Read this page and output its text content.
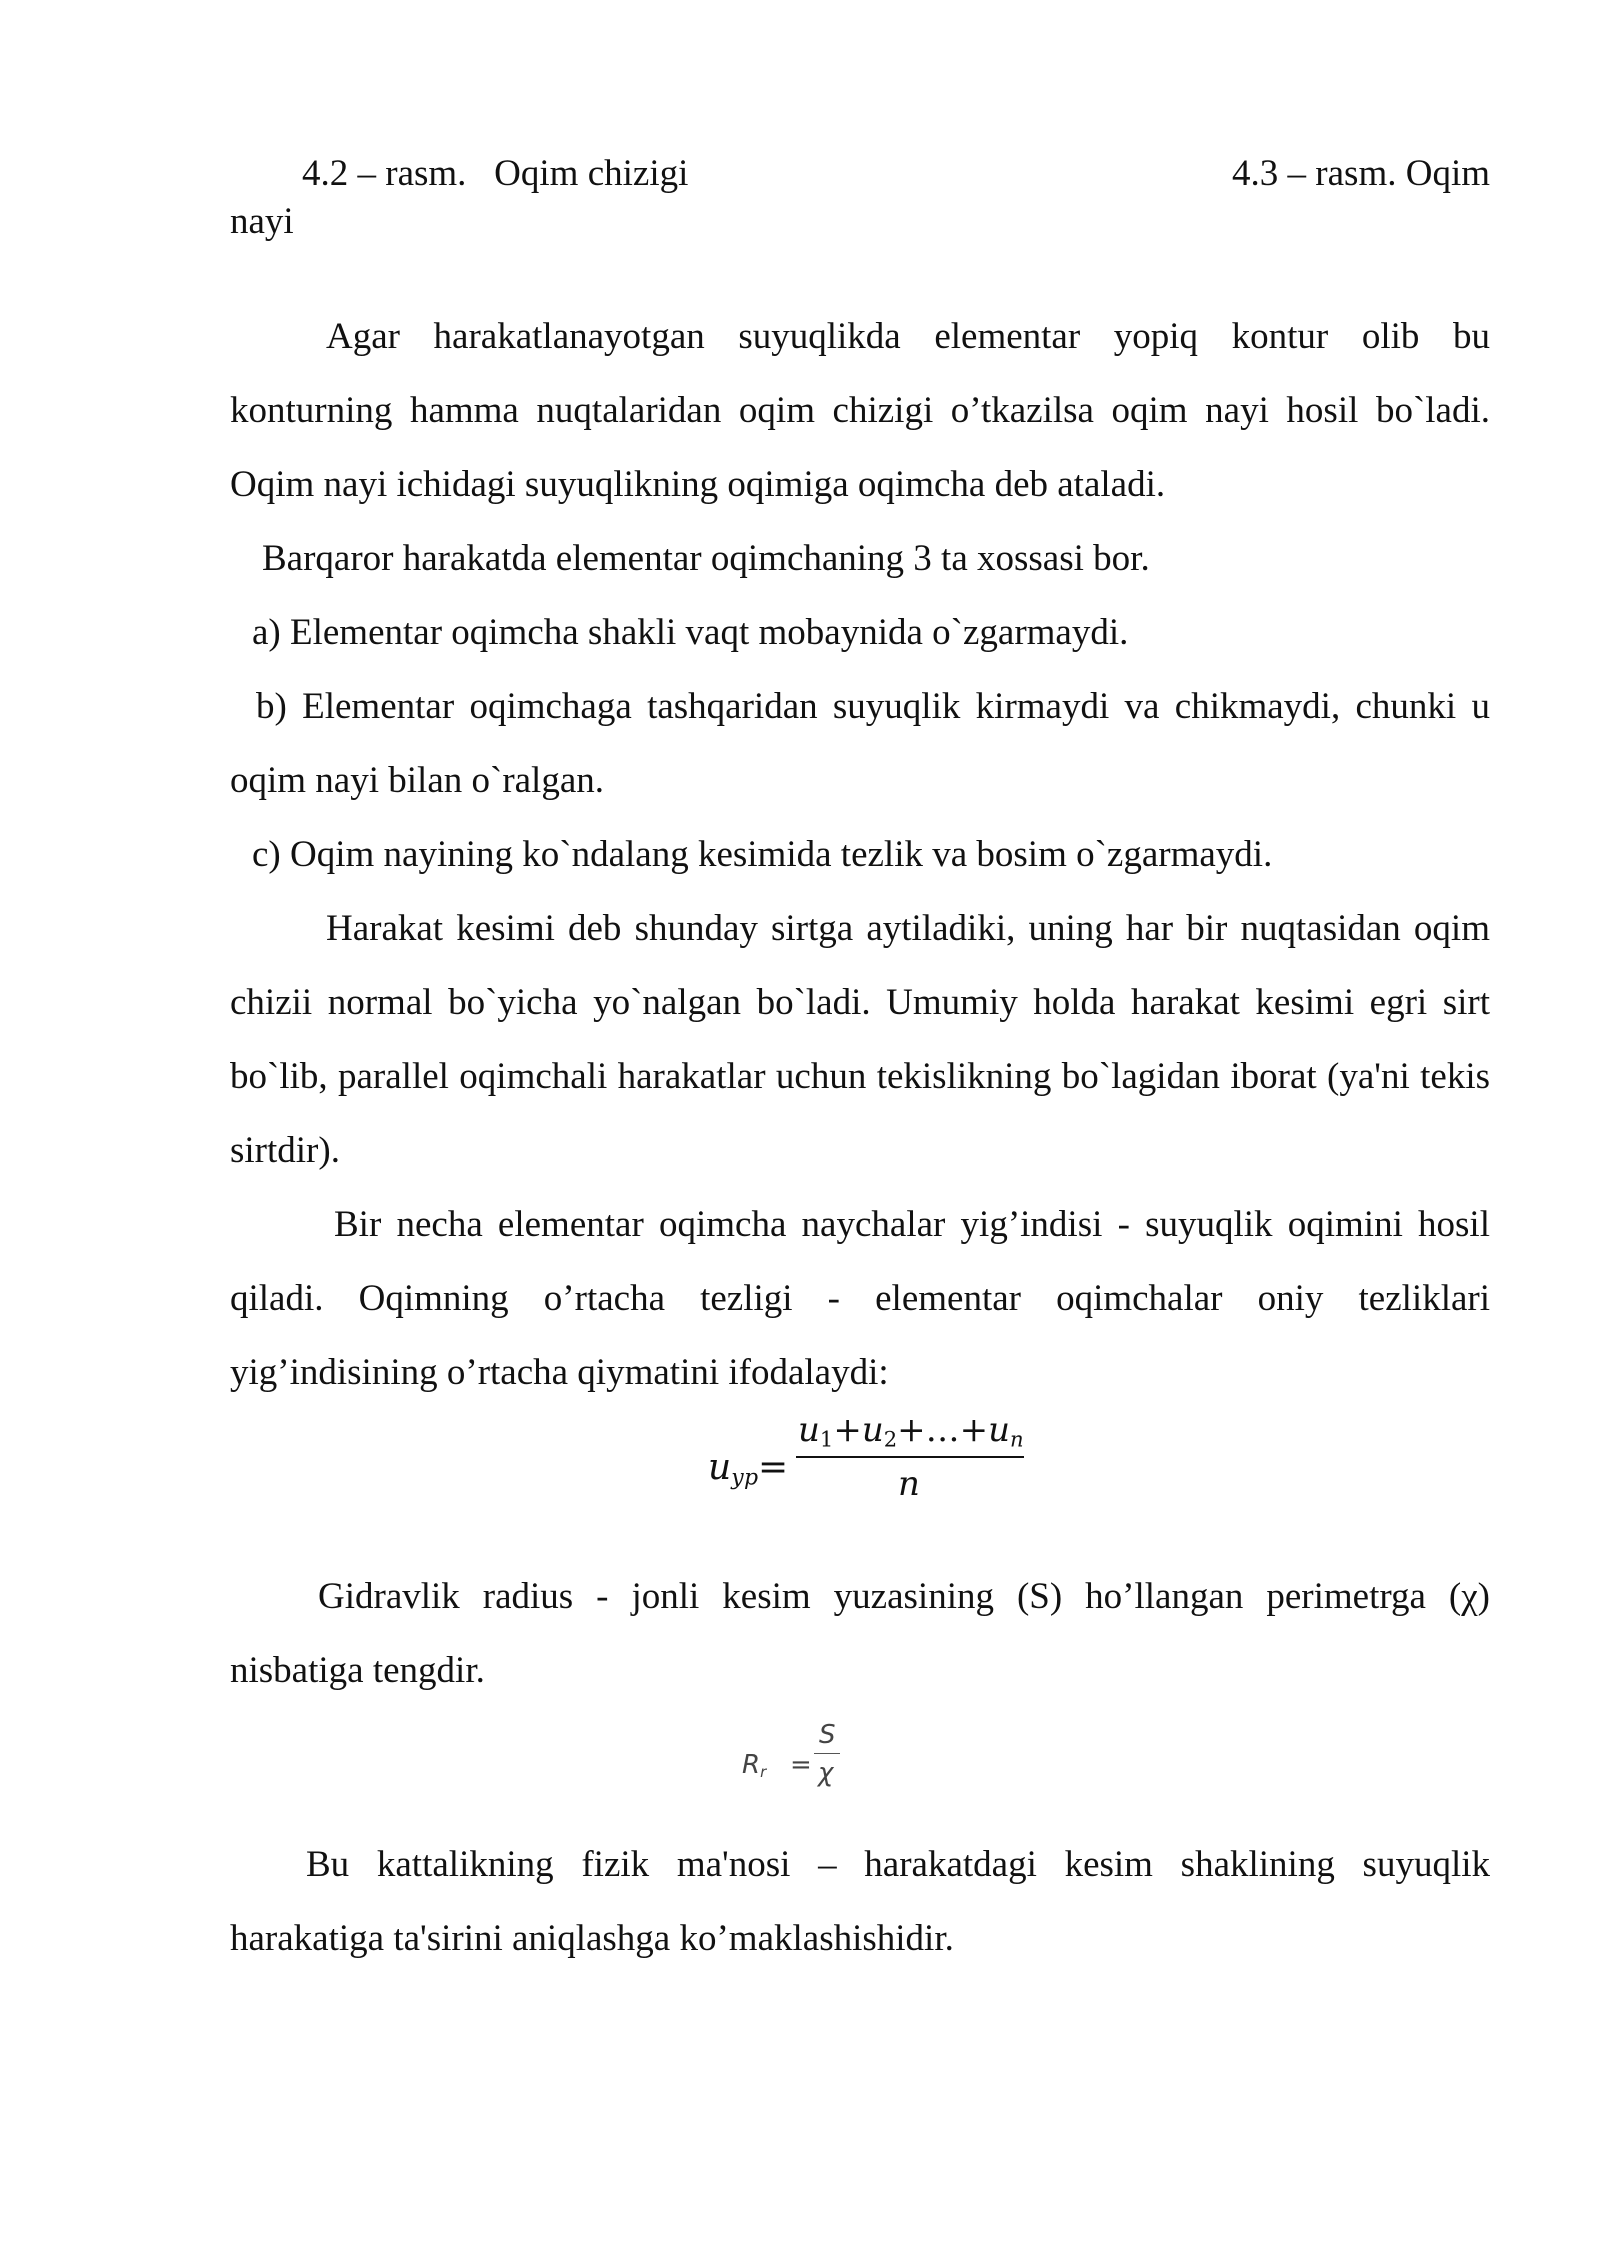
4.2 – rasm.   Oqim chizigi	4.3 – rasm. Oqim
nayi

Agar harakatlanayotgan suyuqlikda elementar yopiq kontur olib bu konturning hamma nuqtalaridan oqim chizigi o’tkazilsa oqim nayi hosil bo`ladi. Oqim nayi ichidagi suyuqlikning oqimiga oqimcha deb ataladi.

Barqaror harakatda elementar oqimchaning 3 ta xossasi bor.

a) Elementar oqimcha shakli vaqt mobaynida o`zgarmaydi.

b) Elementar oqimchaga tashqaridan suyuqlik kirmaydi va chikmaydi, chunki u oqim nayi bilan o`ralgan.

c) Oqim nayining ko`ndalang kesimida tezlik va bosim o`zgarmaydi.

Harakat kesimi deb shunday sirtga aytiladiki, uning har bir nuqtasidan oqim chizii normal bo`yicha yo`nalgan bo`ladi. Umumiy holda harakat kesimi egri sirt bo`lib, parallel oqimchali harakatlar uchun tekislikning bo`lagidan iborat (ya'ni tekis sirtdir).

Bir necha elementar oqimcha naychalar yig’indisi - suyuqlik oqimini hosil qiladi. Oqimning o’rtacha tezligi - elementar oqimchalar oniy tezliklari yig’indisining o’rtacha qiymatini ifodalaydi:

$u_{ур}=$
$u_1+u_2+\dots+u_n$
n

Gidravlik radius - jonli kesim yuzasining (S) ho’llangan perimetrga (χ) nisbatiga tengdir.

$R_r$ =
S
χ

Bu kattalikning fizik ma'nosi – harakatdagi kesim shaklining suyuqlik harakatiga ta'sirini aniqlashga ko’maklashishidir.
